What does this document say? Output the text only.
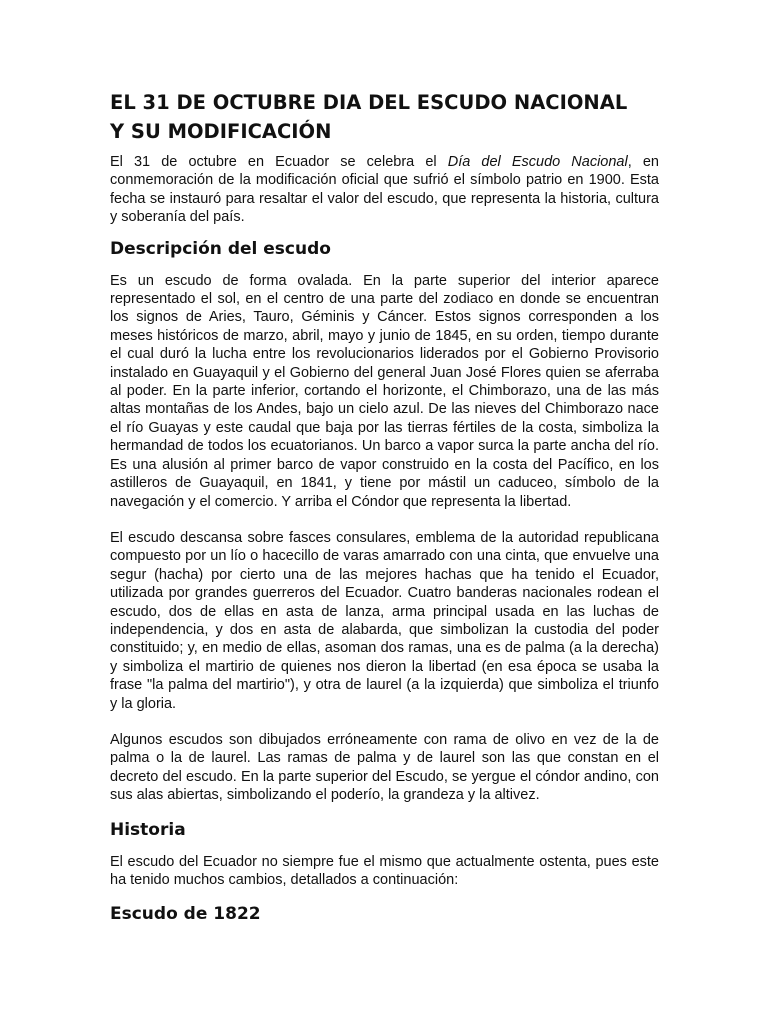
EL 31 DE OCTUBRE DIA DEL ESCUDO NACIONAL
Y SU MODIFICACIÓN

El 31 de octubre en Ecuador se celebra el Día del Escudo Nacional, en conmemoración de la modificación oficial que sufrió el símbolo patrio en 1900. Esta fecha se instauró para resaltar el valor del escudo, que representa la historia, cultura y soberanía del país.

Descripción del escudo

Es un escudo de forma ovalada. En la parte superior del interior aparece representado el sol, en el centro de una parte del zodiaco en donde se encuentran los signos de Aries, Tauro, Géminis y Cáncer. Estos signos corresponden a los meses históricos de marzo, abril, mayo y junio de 1845, en su orden, tiempo durante el cual duró la lucha entre los revolucionarios liderados por el Gobierno Provisorio instalado en Guayaquil y el Gobierno del general Juan José Flores quien se aferraba al poder. En la parte inferior, cortando el horizonte, el Chimborazo, una de las más altas montañas de los Andes, bajo un cielo azul. De las nieves del Chimborazo nace el río Guayas y este caudal que baja por las tierras fértiles de la costa, simboliza la hermandad de todos los ecuatorianos. Un barco a vapor surca la parte ancha del río. Es una alusión al primer barco de vapor construido en la costa del Pacífico, en los astilleros de Guayaquil, en 1841, y tiene por mástil un caduceo, símbolo de la navegación y el comercio. Y arriba el Cóndor que representa la libertad.

El escudo descansa sobre fasces consulares, emblema de la autoridad republicana compuesto por un lío o hacecillo de varas amarrado con una cinta, que envuelve una segur (hacha) por cierto una de las mejores hachas que ha tenido el Ecuador, utilizada por grandes guerreros del Ecuador. Cuatro banderas nacionales rodean el escudo, dos de ellas en asta de lanza, arma principal usada en las luchas de independencia, y dos en asta de alabarda, que simbolizan la custodia del poder constituido; y, en medio de ellas, asoman dos ramas, una es de palma (a la derecha) y simboliza el martirio de quienes nos dieron la libertad (en esa época se usaba la frase "la palma del martirio"), y otra de laurel (a la izquierda) que simboliza el triunfo y la gloria.

Algunos escudos son dibujados erróneamente con rama de olivo en vez de la de palma o la de laurel. Las ramas de palma y de laurel son las que constan en el decreto del escudo. En la parte superior del Escudo, se yergue el cóndor andino, con sus alas abiertas, simbolizando el poderío, la grandeza y la altivez.

Historia

El escudo del Ecuador no siempre fue el mismo que actualmente ostenta, pues este ha tenido muchos cambios, detallados a continuación:

Escudo de 1822
